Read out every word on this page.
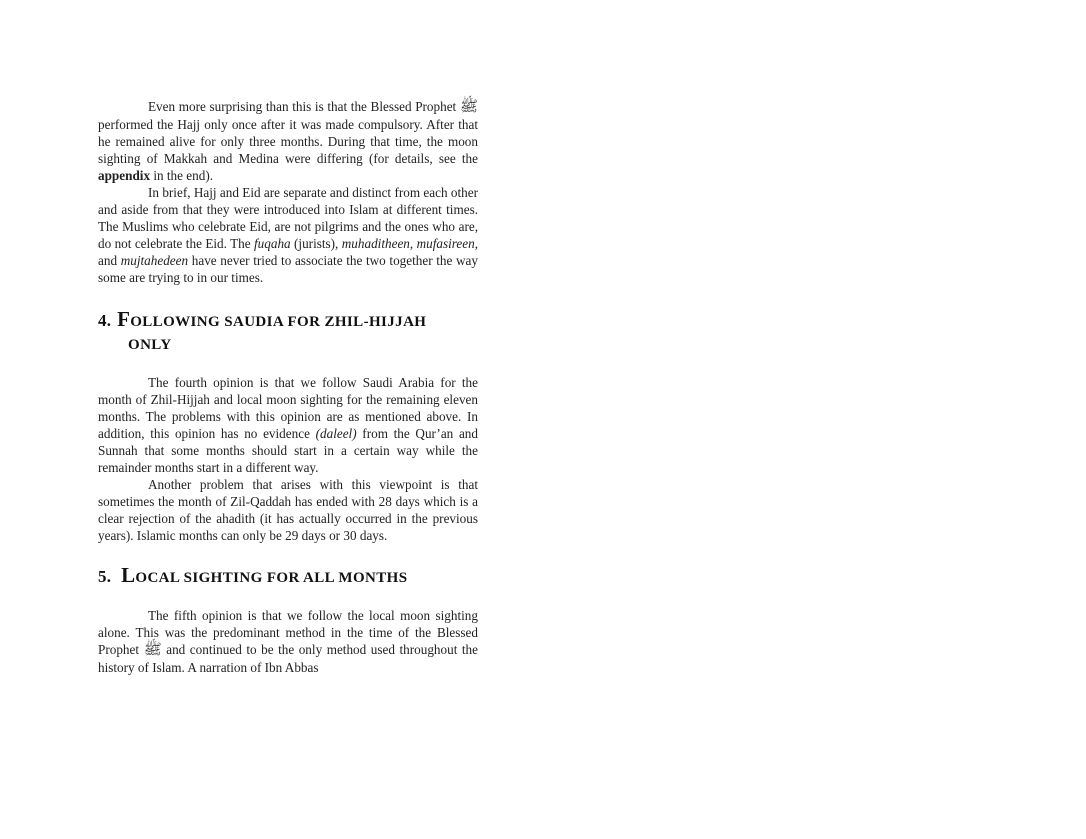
Even more surprising than this is that the Blessed Prophet ﷺ performed the Hajj only once after it was made compulsory. After that he remained alive for only three months. During that time, the moon sighting of Makkah and Medina were differing (for details, see the appendix in the end).

In brief, Hajj and Eid are separate and distinct from each other and aside from that they were introduced into Islam at different times. The Muslims who celebrate Eid, are not pilgrims and the ones who are, do not celebrate the Eid. The fuqaha (jurists), muhaditheen, mufasireen, and mujtahedeen have never tried to associate the two together the way some are trying to in our times.

4. FOLLOWING SAUDIA FOR ZHIL-HIJJAH
ONLY

The fourth opinion is that we follow Saudi Arabia for the month of Zhil-Hijjah and local moon sighting for the remaining eleven months. The problems with this opinion are as mentioned above. In addition, this opinion has no evidence (daleel) from the Qur’an and Sunnah that some months should start in a certain way while the remainder months start in a different way.

Another problem that arises with this viewpoint is that sometimes the month of Zil-Qaddah has ended with 28 days which is a clear rejection of the ahadith (it has actually occurred in the previous years). Islamic months can only be 29 days or 30 days.

5. LOCAL SIGHTING FOR ALL MONTHS

The fifth opinion is that we follow the local moon sighting alone. This was the predominant method in the time of the Blessed Prophet ﷺ and continued to be the only method used throughout the history of Islam. A narration of Ibn Abbas
